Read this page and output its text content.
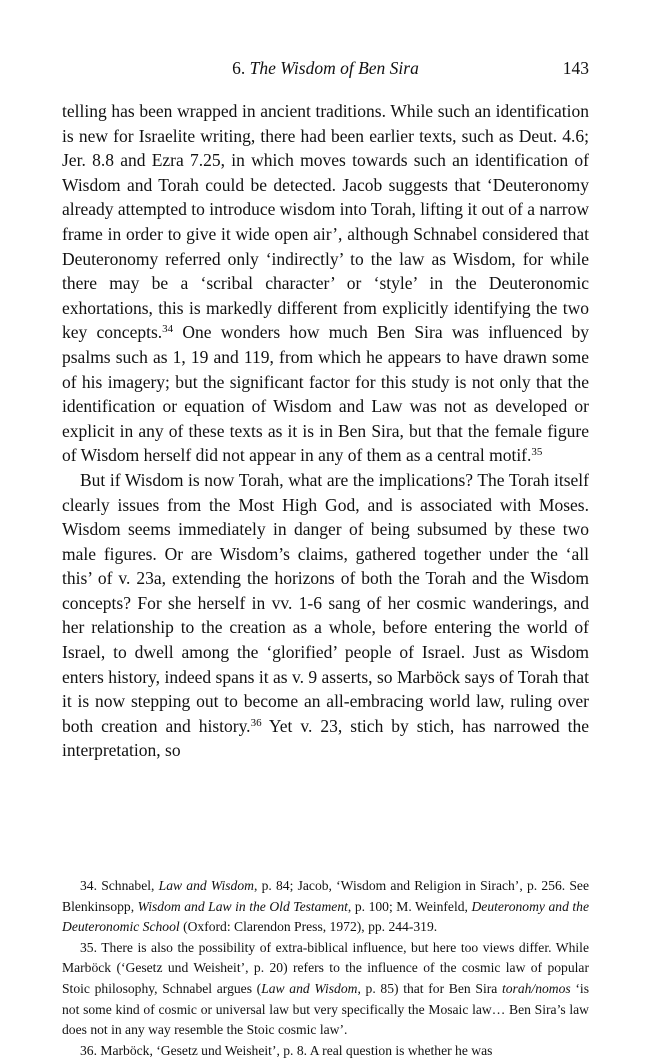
6. The Wisdom of Ben Sira	143

telling has been wrapped in ancient traditions. While such an identification is new for Israelite writing, there had been earlier texts, such as Deut. 4.6; Jer. 8.8 and Ezra 7.25, in which moves towards such an identification of Wisdom and Torah could be detected. Jacob suggests that ‘Deuteronomy already attempted to introduce wisdom into Torah, lifting it out of a narrow frame in order to give it wide open air’, although Schnabel considered that Deuteronomy referred only ‘indirectly’ to the law as Wisdom, for while there may be a ‘scribal character’ or ‘style’ in the Deuteronomic exhortations, this is markedly different from explicitly identifying the two key concepts.$^{34}$ One wonders how much Ben Sira was influenced by psalms such as 1, 19 and 119, from which he appears to have drawn some of his imagery; but the significant factor for this study is not only that the identification or equation of Wisdom and Law was not as developed or explicit in any of these texts as it is in Ben Sira, but that the female figure of Wisdom herself did not appear in any of them as a central motif.$^{35}$

But if Wisdom is now Torah, what are the implications? The Torah itself clearly issues from the Most High God, and is associated with Moses. Wisdom seems immediately in danger of being subsumed by these two male figures. Or are Wisdom’s claims, gathered together under the ‘all this’ of v. 23a, extending the horizons of both the Torah and the Wisdom concepts? For she herself in vv. 1-6 sang of her cosmic wanderings, and her relationship to the creation as a whole, before entering the world of Israel, to dwell among the ‘glorified’ people of Israel. Just as Wisdom enters history, indeed spans it as v. 9 asserts, so Marböck says of Torah that it is now stepping out to become an all-embracing world law, ruling over both creation and history.$^{36}$ Yet v. 23, stich by stich, has narrowed the interpretation, so

34. Schnabel, Law and Wisdom, p. 84; Jacob, ‘Wisdom and Religion in Sirach’, p. 256. See Blenkinsopp, Wisdom and Law in the Old Testament, p. 100; M. Weinfeld, Deuteronomy and the Deuteronomic School (Oxford: Clarendon Press, 1972), pp. 244-319.

35. There is also the possibility of extra-biblical influence, but here too views differ. While Marböck (‘Gesetz und Weisheit’, p. 20) refers to the influence of the cosmic law of popular Stoic philosophy, Schnabel argues (Law and Wisdom, p. 85) that for Ben Sira torah/nomos ‘is not some kind of cosmic or universal law but very specifically the Mosaic law… Ben Sira’s law does not in any way resemble the Stoic cosmic law’.

36. Marböck, ‘Gesetz und Weisheit’, p. 8. A real question is whether he was
